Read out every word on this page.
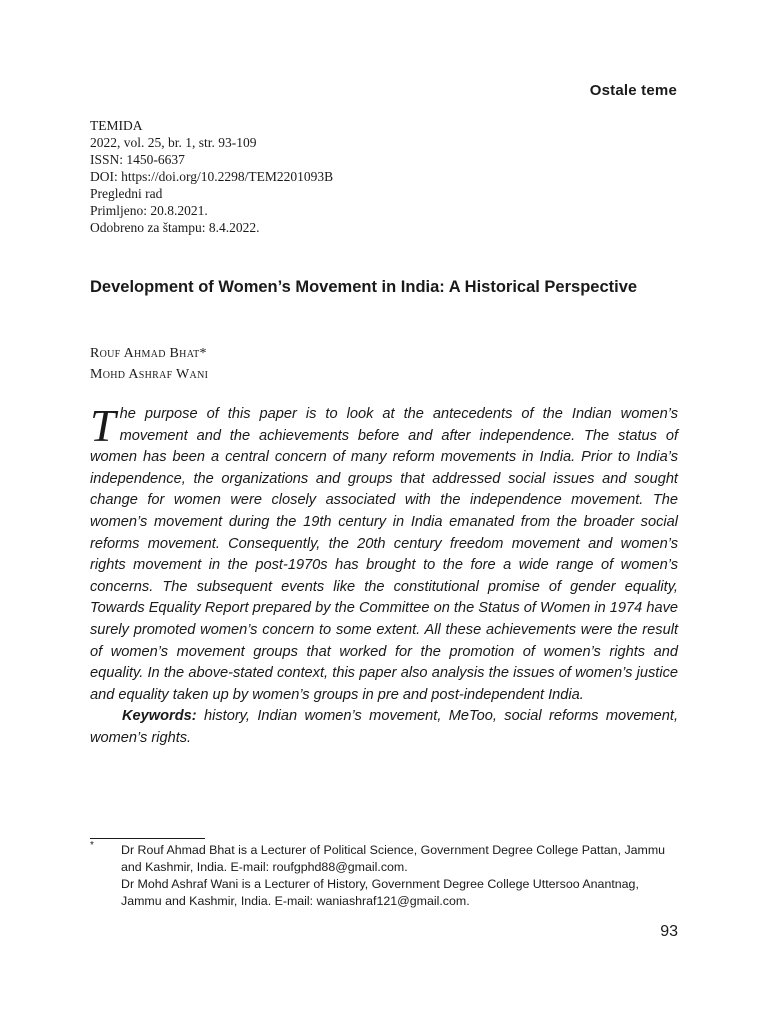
Ostale teme
TEMIDA
2022, vol. 25, br. 1, str. 93-109
ISSN: 1450-6637
DOI: https://doi.org/10.2298/TEM2201093B
Pregledni rad
Primljeno: 20.8.2021.
Odobreno za štampu: 8.4.2022.
Development of Women’s Movement in India: A Historical Perspective
Rouf Ahmad Bhat*
Mohd Ashraf Wani

The purpose of this paper is to look at the antecedents of the Indian women’s movement and the achievements before and after independence. The status of women has been a central concern of many reform movements in India. Prior to India’s independence, the organizations and groups that addressed social issues and sought change for women were closely associated with the independence movement. The women’s movement during the 19th century in India emanated from the broader social reforms movement. Consequently, the 20th century freedom movement and women’s rights movement in the post-1970s has brought to the fore a wide range of women’s concerns. The subsequent events like the constitutional promise of gender equality, Towards Equality Report prepared by the Committee on the Status of Women in 1974 have surely promoted women’s concern to some extent. All these achievements were the result of women’s movement groups that worked for the promotion of women’s rights and equality. In the above-stated context, this paper also analysis the issues of women’s justice and equality taken up by women’s groups in pre and post-independent India.

Keywords: history, Indian women’s movement, MeToo, social reforms movement, women’s rights.

* Dr Rouf Ahmad Bhat is a Lecturer of Political Science, Government Degree College Pattan, Jammu and Kashmir, India. E-mail: roufgphd88@gmail.com.

Dr Mohd Ashraf Wani is a Lecturer of History, Government Degree College Uttersoo Anantnag, Jammu and Kashmir, India. E-mail: waniashraf121@gmail.com.

93
